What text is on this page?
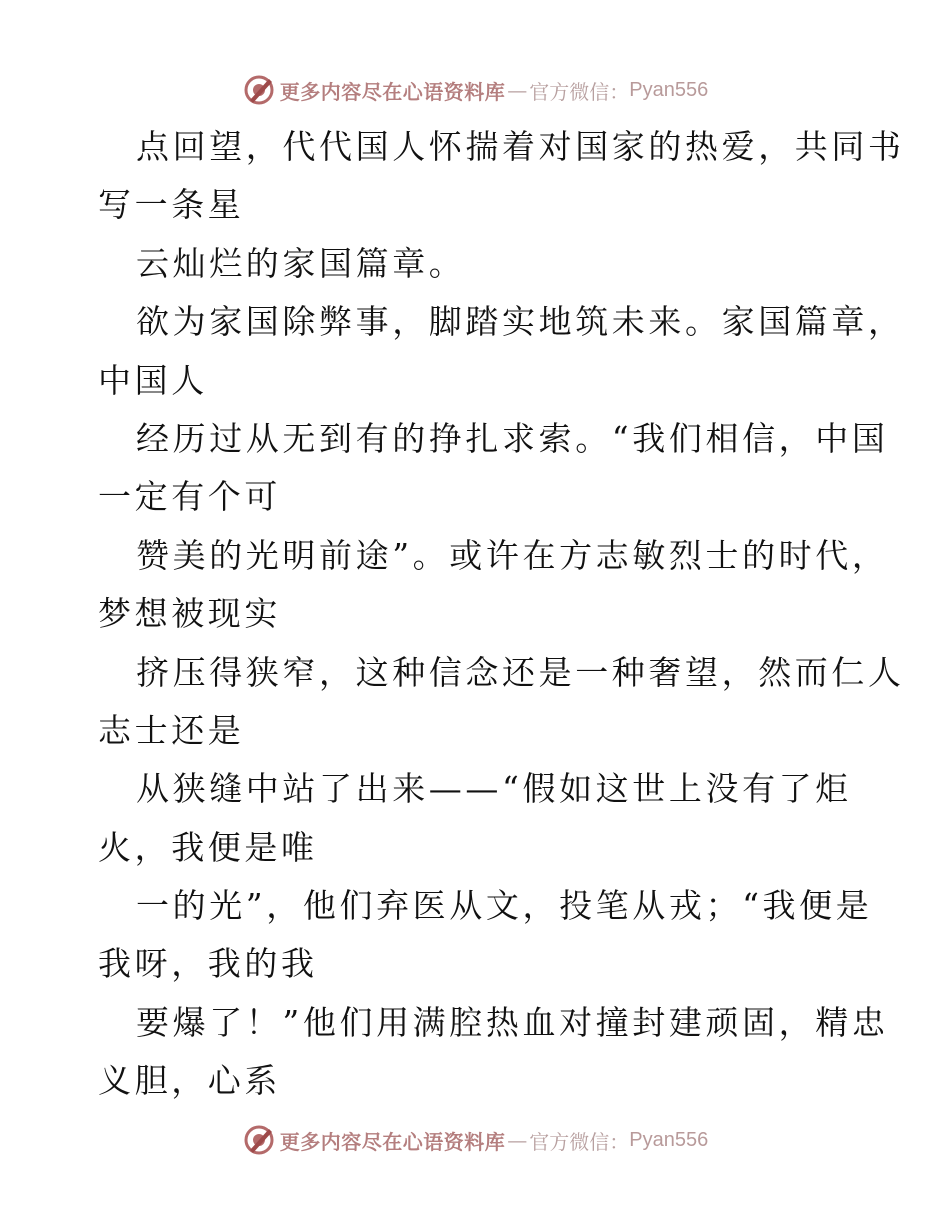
更多内容尽在心语资料库 — 官方微信： Pyan556
点回望，代代国人怀揣着对国家的热爱，共同书
写一条星
云灿烂的家国篇章。
欲为家国除弊事，脚踏实地筑未来。家国篇章，
中国人
经历过从无到有的挣扎求索。“我们相信，中国
一定有个可
赞美的光明前途”。或许在方志敏烈士的时代，
梦想被现实
挤压得狭窄，这种信念还是一种奢望，然而仁人
志士还是
从狭缝中站了出来——“假如这世上没有了炬
火，我便是唯
一的光”，他们弃医从文，投笔从戎；“我便是
我呀，我的我
要爆了！”他们用满腔热血对撞封建顽固，精忠
义胆，心系
更多内容尽在心语资料库 — 官方微信： Pyan556
